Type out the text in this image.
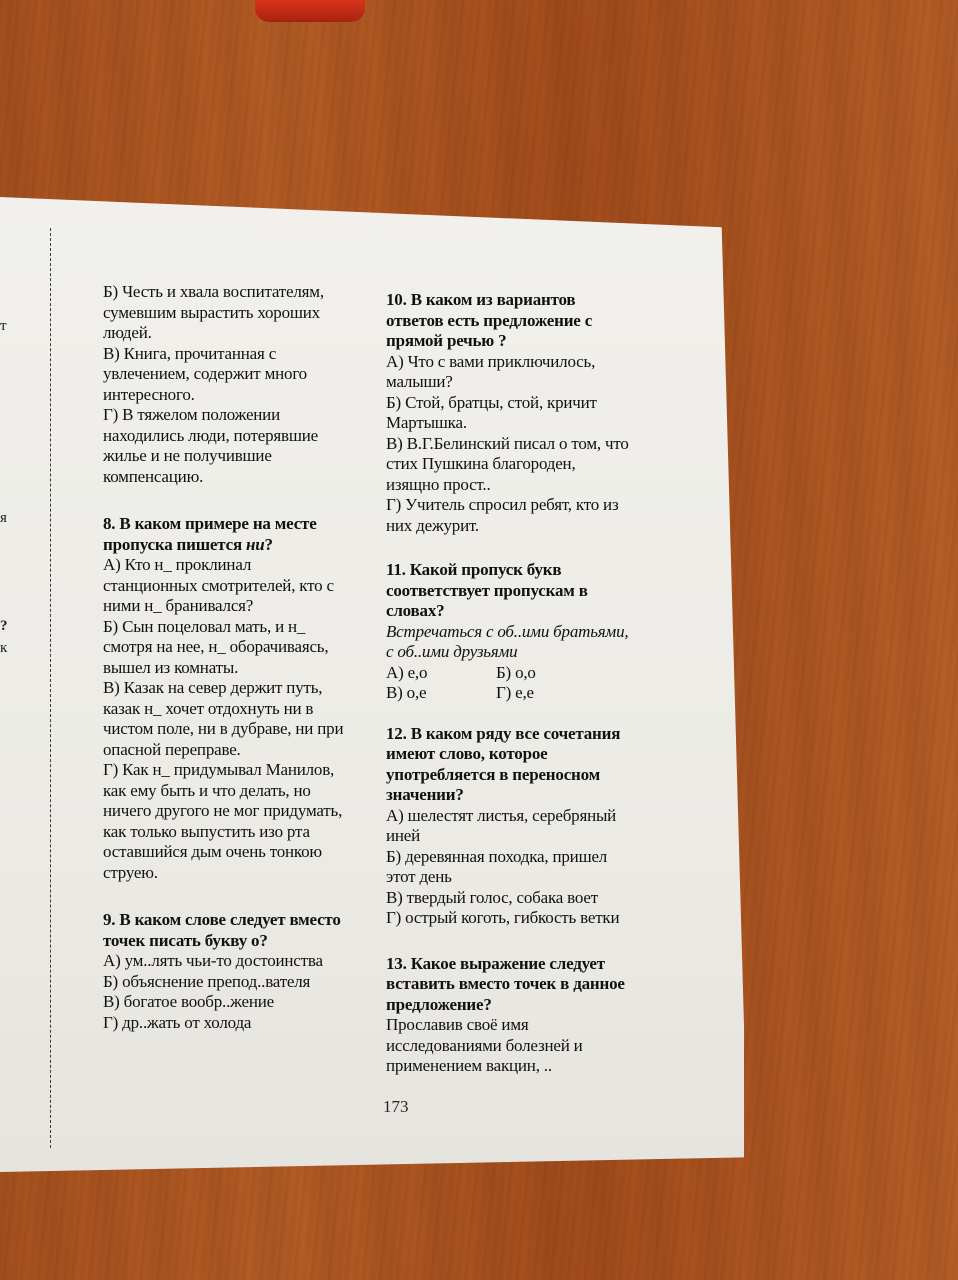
т
я
?
к

Б) Честь и хвала воспитателям,

сумевшим вырастить хороших

людей.

В) Книга, прочитанная с

увлечением, содержит много

интересного.

Г) В тяжелом положении

находились люди, потерявшие

жилье и не получившие

компенсацию.

8. В каком примере на месте

пропуска пишется ни?

А) Кто н_ проклинал

станционных смотрителей, кто с

ними н_ бранивался?

Б) Сын поцеловал мать, и н_

смотря на нее, н_ оборачиваясь,

вышел из комнаты.

В) Казак на север держит путь,

казак н_ хочет отдохнуть ни в

чистом поле, ни в дубраве, ни при

опасной переправе.

Г) Как н_ придумывал Манилов,

как ему быть и что делать, но

ничего другого не мог придумать,

как только выпустить изо рта

оставшийся дым очень тонкою

струею.

9. В каком слове следует вместо

точек писать букву о?

А) ум..лять чьи-то достоинства

Б) объяснение препод..вателя

В) богатое вообр..жение

Г) др..жать от холода

10. В каком из вариантов

ответов есть предложение с

прямой речью ?

А) Что с вами приключилось,

малыши?

Б) Стой, братцы, стой, кричит

Мартышка.

В) В.Г.Белинский писал о том, что

стих Пушкина благороден,

изящно прост..

Г) Учитель спросил ребят, кто из

них дежурит.

11. Какой пропуск букв

соответствует пропускам в

словах?

Встречаться с об..ими братьями,

с об..ими друзьями

А) е,о	Б) о,о

В) о,е	Г) е,е

12. В каком ряду все сочетания

имеют слово, которое

употребляется в переносном

значении?

А) шелестят листья, серебряный

иней

Б) деревянная походка, пришел

этот день

В) твердый голос, собака воет

Г) острый коготь, гибкость ветки

13. Какое выражение следует

вставить вместо точек в данное

предложение?

Прославив своё имя

исследованиями болезней и

применением вакцин, ..

173
